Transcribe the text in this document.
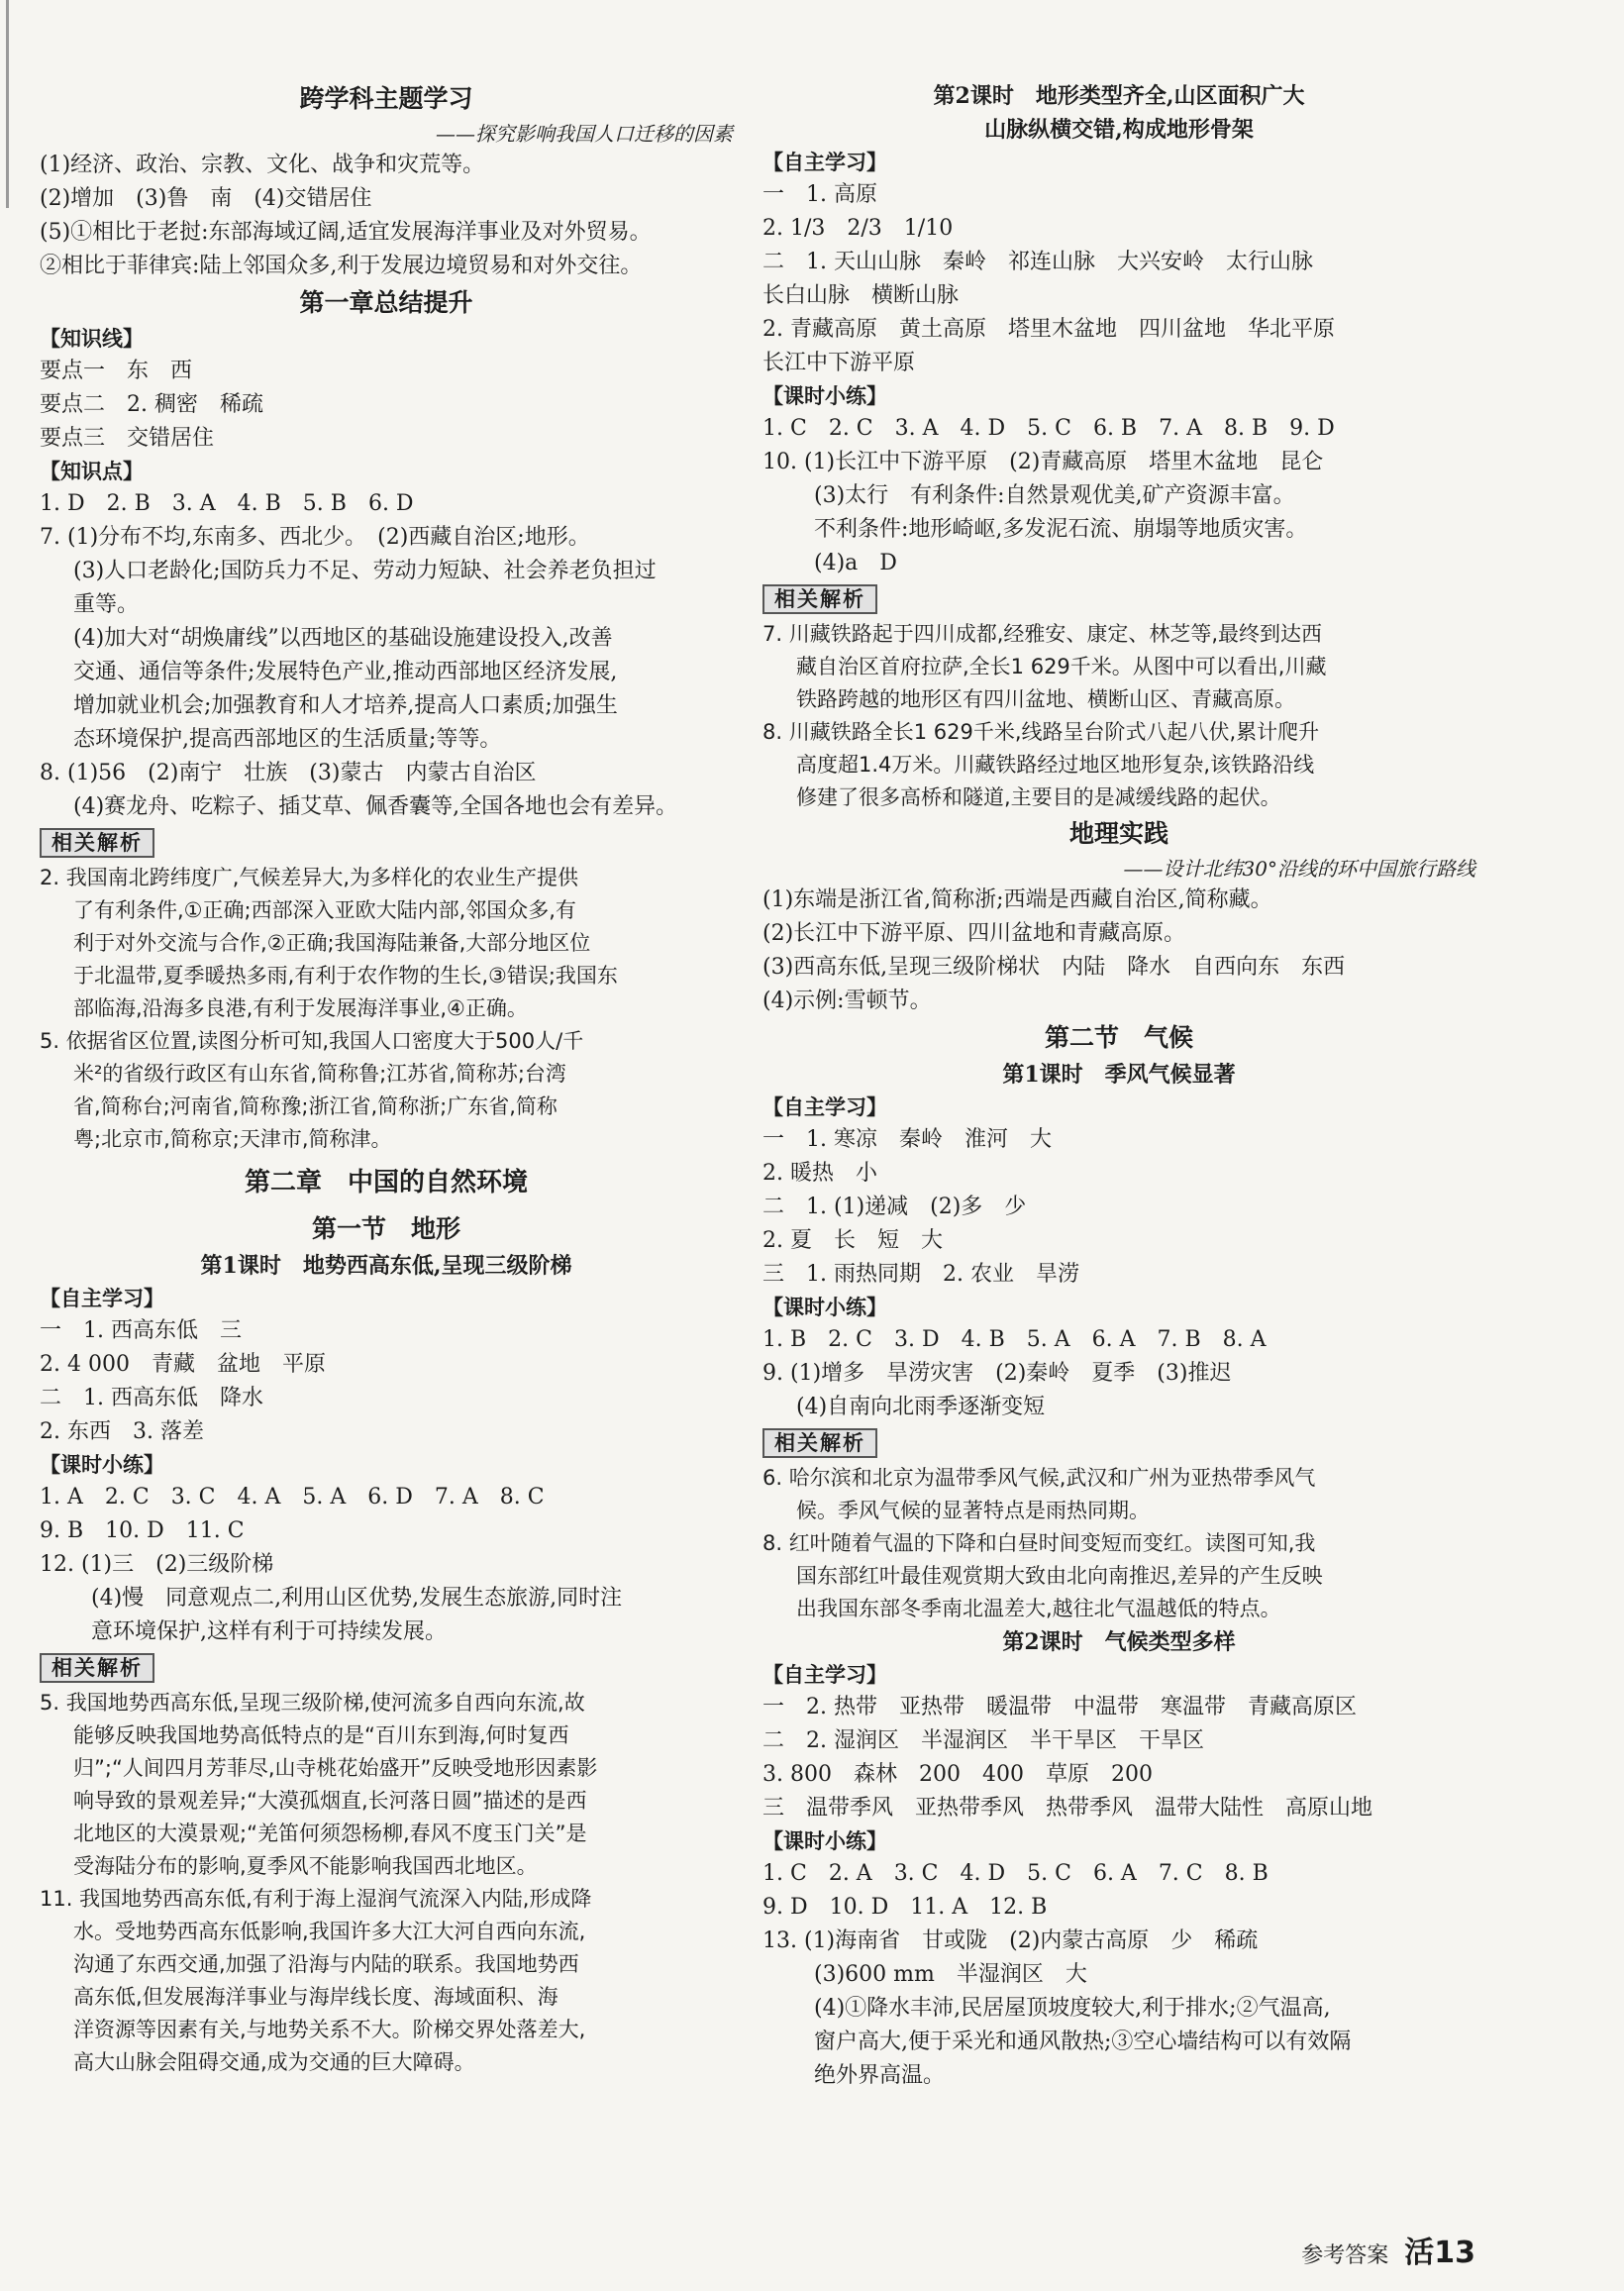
跨学科主题学习
——探究影响我国人口迁移的因素
(1)经济、政治、宗教、文化、战争和灾荒等。
(2)增加　(3)鲁　南　(4)交错居住
(5)①相比于老挝:东部海域辽阔,适宜发展海洋事业及对外贸易。
②相比于菲律宾:陆上邻国众多,利于发展边境贸易和对外交往。
第一章总结提升
【知识线】
要点一　东　西
要点二　2. 稠密　稀疏
要点三　交错居住
【知识点】
1. D　2. B　3. A　4. B　5. B　6. D
7. (1)分布不均,东南多、西北少。　(2)西藏自治区;地形。
(3)人口老龄化;国防兵力不足、劳动力短缺、社会养老负担过
重等。
(4)加大对“胡焕庸线”以西地区的基础设施建设投入,改善
交通、通信等条件;发展特色产业,推动西部地区经济发展,
增加就业机会;加强教育和人才培养,提高人口素质;加强生
态环境保护,提高西部地区的生活质量;等等。
8. (1)56　(2)南宁　壮族　(3)蒙古　内蒙古自治区
(4)赛龙舟、吃粽子、插艾草、佩香囊等,全国各地也会有差异。
相关解析
2. 我国南北跨纬度广,气候差异大,为多样化的农业生产提供
了有利条件,①正确;西部深入亚欧大陆内部,邻国众多,有
利于对外交流与合作,②正确;我国海陆兼备,大部分地区位
于北温带,夏季暖热多雨,有利于农作物的生长,③错误;我国东
部临海,沿海多良港,有利于发展海洋事业,④正确。
5. 依据省区位置,读图分析可知,我国人口密度大于500人/千
米²的省级行政区有山东省,简称鲁;江苏省,简称苏;台湾
省,简称台;河南省,简称豫;浙江省,简称浙;广东省,简称
粤;北京市,简称京;天津市,简称津。
第二章　中国的自然环境
第一节　地形
第1课时　地势西高东低,呈现三级阶梯
【自主学习】
一　1. 西高东低　三
2. 4 000　青藏　盆地　平原
二　1. 西高东低　降水
2. 东西　3. 落差
【课时小练】
1. A　2. C　3. C　4. A　5. A　6. D　7. A　8. C
9. B　10. D　11. C
12. (1)三　(2)三级阶梯
(4)慢　同意观点二,利用山区优势,发展生态旅游,同时注
意环境保护,这样有利于可持续发展。
相关解析
5. 我国地势西高东低,呈现三级阶梯,使河流多自西向东流,故
能够反映我国地势高低特点的是“百川东到海,何时复西
归”;“人间四月芳菲尽,山寺桃花始盛开”反映受地形因素影
响导致的景观差异;“大漠孤烟直,长河落日圆”描述的是西
北地区的大漠景观;“羌笛何须怨杨柳,春风不度玉门关”是
受海陆分布的影响,夏季风不能影响我国西北地区。
11. 我国地势西高东低,有利于海上湿润气流深入内陆,形成降
水。受地势西高东低影响,我国许多大江大河自西向东流,
沟通了东西交通,加强了沿海与内陆的联系。我国地势西
高东低,但发展海洋事业与海岸线长度、海域面积、海
洋资源等因素有关,与地势关系不大。阶梯交界处落差大,
高大山脉会阻碍交通,成为交通的巨大障碍。
第2课时　地形类型齐全,山区面积广大
山脉纵横交错,构成地形骨架
【自主学习】
一　1. 高原
2. 1/3　2/3　1/10
二　1. 天山山脉　秦岭　祁连山脉　大兴安岭　太行山脉
长白山脉　横断山脉
2. 青藏高原　黄土高原　塔里木盆地　四川盆地　华北平原
长江中下游平原
【课时小练】
1. C　2. C　3. A　4. D　5. C　6. B　7. A　8. B　9. D
10. (1)长江中下游平原　(2)青藏高原　塔里木盆地　昆仑
(3)太行　有利条件:自然景观优美,矿产资源丰富。
不利条件:地形崎岖,多发泥石流、崩塌等地质灾害。
(4)a　D
相关解析
7. 川藏铁路起于四川成都,经雅安、康定、林芝等,最终到达西
藏自治区首府拉萨,全长1 629千米。从图中可以看出,川藏
铁路跨越的地形区有四川盆地、横断山区、青藏高原。
8. 川藏铁路全长1 629千米,线路呈台阶式八起八伏,累计爬升
高度超1.4万米。川藏铁路经过地区地形复杂,该铁路沿线
修建了很多高桥和隧道,主要目的是减缓线路的起伏。
地理实践
——设计北纬30°沿线的环中国旅行路线
(1)东端是浙江省,简称浙;西端是西藏自治区,简称藏。
(2)长江中下游平原、四川盆地和青藏高原。
(3)西高东低,呈现三级阶梯状　内陆　降水　自西向东　东西
(4)示例:雪顿节。
第二节　气候
第1课时　季风气候显著
【自主学习】
一　1. 寒凉　秦岭　淮河　大
2. 暖热　小
二　1. (1)递减　(2)多　少
2. 夏　长　短　大
三　1. 雨热同期　2. 农业　旱涝
【课时小练】
1. B　2. C　3. D　4. B　5. A　6. A　7. B　8. A
9. (1)增多　旱涝灾害　(2)秦岭　夏季　(3)推迟
(4)自南向北雨季逐渐变短
相关解析
6. 哈尔滨和北京为温带季风气候,武汉和广州为亚热带季风气
候。季风气候的显著特点是雨热同期。
8. 红叶随着气温的下降和白昼时间变短而变红。读图可知,我
国东部红叶最佳观赏期大致由北向南推迟,差异的产生反映
出我国东部冬季南北温差大,越往北气温越低的特点。
第2课时　气候类型多样
【自主学习】
一　2. 热带　亚热带　暖温带　中温带　寒温带　青藏高原区
二　2. 湿润区　半湿润区　半干旱区　干旱区
3. 800　森林　200　400　草原　200
三　温带季风　亚热带季风　热带季风　温带大陆性　高原山地
【课时小练】
1. C　2. A　3. C　4. D　5. C　6. A　7. C　8. B
9. D　10. D　11. A　12. B
13. (1)海南省　甘或陇　(2)内蒙古高原　少　稀疏
(3)600 mm　半湿润区　大
(4)①降水丰沛,民居屋顶坡度较大,利于排水;②气温高,
窗户高大,便于采光和通风散热;③空心墙结构可以有效隔
绝外界高温。
参考答案 活13
